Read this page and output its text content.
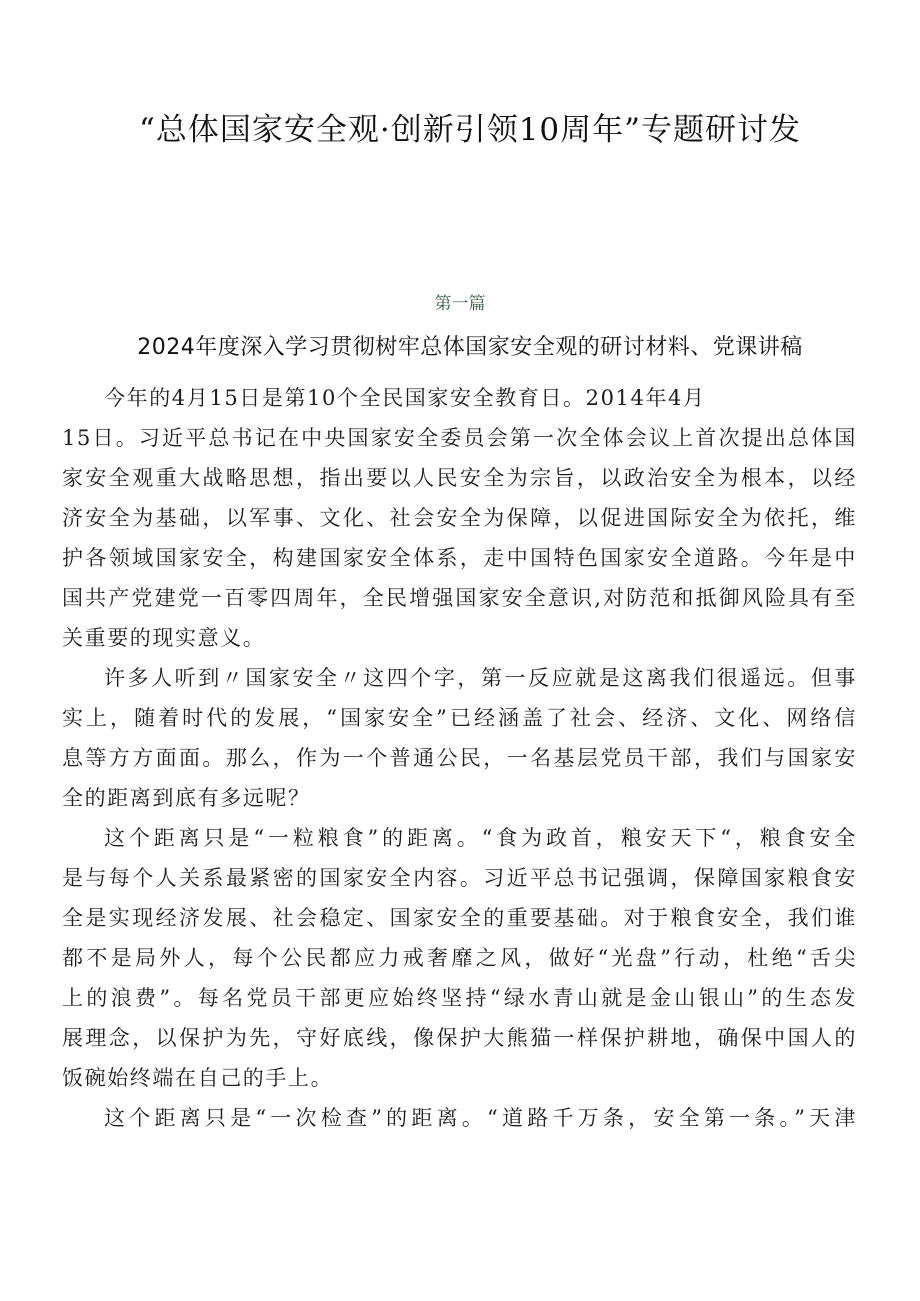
“总体国家安全观·创新引领10周年”专题研讨发
第一篇
2024年度深入学习贯彻树牢总体国家安全观的研讨材料、党课讲稿
今年的4月15日是第10个全民国家安全教育日。2014年4月
15日。习近平总书记在中央国家安全委员会第一次全体会议上首次提出总体国
家安全观重大战略思想，指出要以人民安全为宗旨，以政治安全为根本，以经
济安全为基础，以军事、文化、社会安全为保障，以促进国际安全为依托，维
护各领域国家安全，构建国家安全体系，走中国特色国家安全道路。今年是中
国共产党建党一百零四周年，全民增强国家安全意识,对防范和抵御风险具有至
关重要的现实意义。
许多人听到〃国家安全〃这四个字，第一反应就是这离我们很遥远。但事
实上，随着时代的发展，“国家安全”已经涵盖了社会、经济、文化、网络信
息等方方面面。那么，作为一个普通公民，一名基层党员干部，我们与国家安
全的距离到底有多远呢？
这个距离只是“一粒粮食”的距离。“食为政首，粮安天下“，粮食安全
是与每个人关系最紧密的国家安全内容。习近平总书记强调，保障国家粮食安
全是实现经济发展、社会稳定、国家安全的重要基础。对于粮食安全，我们谁
都不是局外人，每个公民都应力戒奢靡之风，做好“光盘”行动，杜绝“舌尖
上的浪费”。每名党员干部更应始终坚持“绿水青山就是金山银山”的生态发
展理念，以保护为先，守好底线，像保护大熊猫一样保护耕地，确保中国人的
饭碗始终端在自己的手上。
这个距离只是“一次检查”的距离。“道路千万条，安全第一条。”天津
